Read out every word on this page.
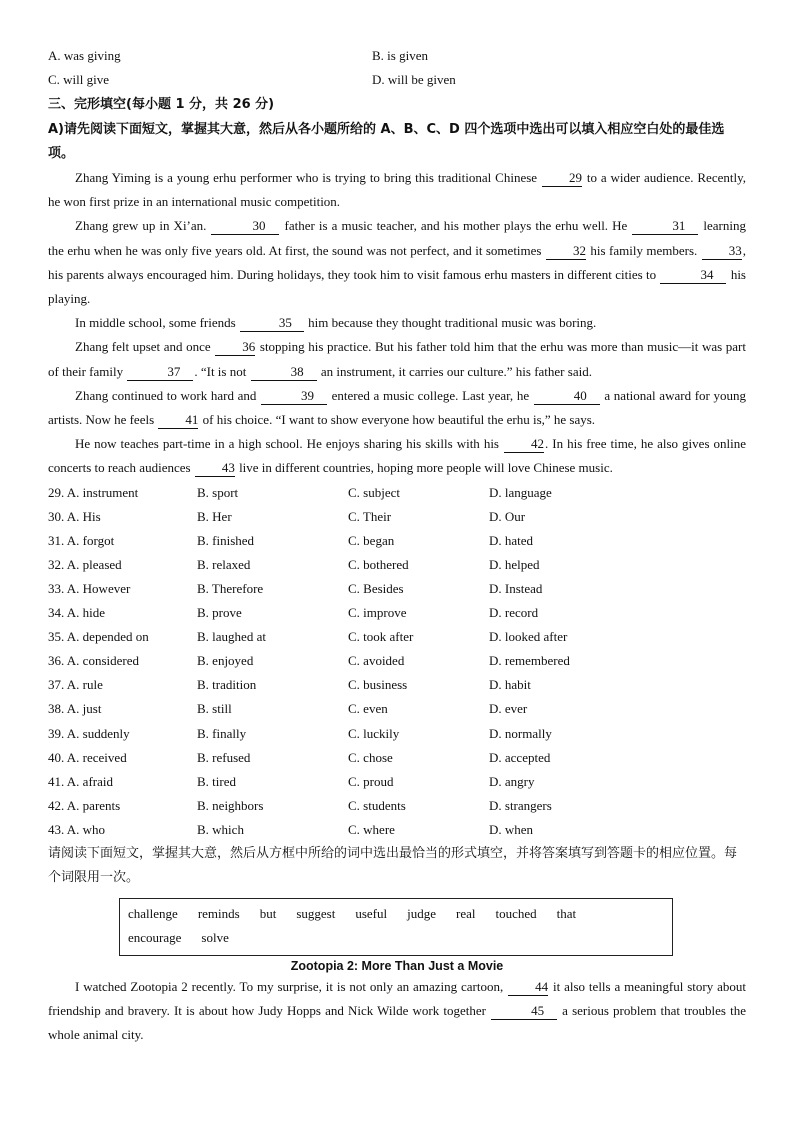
A. was giving	B. is given
C. will give	D. will be given
三、完形填空(每小题 1 分，共 26 分)
A)请先阅读下面短文，掌握其大意，然后从各小题所给的 A、B、C、D 四个选项中选出可以填入相应空白处的最佳选项。

Zhang Yiming is a young erhu performer who is trying to bring this traditional Chinese 29 to a wider audience. Recently, he won first prize in an international music competition.

Zhang grew up in Xi’an.	30 father is a music teacher, and his mother plays the erhu well. He	31 learning the erhu when he was only five years old. At first, the sound was not perfect, and it sometimes 32 his family members. 33, his parents always encouraged him. During holidays, they took him to visit famous erhu masters in different cities to	34 his playing.

In middle school, some friends	35 him because they thought traditional music was boring.

Zhang felt upset and once 36 stopping his practice. But his father told him that the erhu was more than music—it was part of their family	37 . “It is not	38 an instrument, it carries our culture.” his father said.

Zhang continued to work hard and	39 entered a music college. Last year, he	40 a national award for young artists. Now he feels 41 of his choice. “I want to show everyone how beautiful the erhu is,” he says.

He now teaches part-time in a high school. He enjoys sharing his skills with his 42. In his free time, he also gives online concerts to reach audiences 43 live in different countries, hoping more people will love Chinese music.

29. A. instrument	B. sport	C. subject	D. language
30. A. His	B. Her	C. Their	D. Our
31. A. forgot	B. finished	C. began	D. hated
32. A. pleased	B. relaxed	C. bothered	D. helped
33. A. However	B. Therefore	C. Besides	D. Instead
34. A. hide	B. prove	C. improve	D. record
35. A. depended on	B. laughed at	C. took after	D. looked after
36. A. considered	B. enjoyed	C. avoided	D. remembered
37. A. rule	B. tradition	C. business	D. habit
38. A. just	B. still	C. even	D. ever
39. A. suddenly	B. finally	C. luckily	D. normally
40. A. received	B. refused	C. chose	D. accepted
41. A. afraid	B. tired	C. proud	D. angry
42. A. parents	B. neighbors	C. students	D. strangers
43. A. who	B. which	C. where	D. when
请阅读下面短文，掌握其大意，然后从方框中所给的词中选出最恰当的形式填空，并将答案填写到答题卡的相应位置。每个词限用一次。
challenge reminds but suggest useful judge real touched thatencourage solve
Zootopia 2: More Than Just a Movie

I watched Zootopia 2 recently. To my surprise, it is not only an amazing cartoon, 44 it also tells a meaningful story about friendship and bravery. It is about how Judy Hopps and Nick Wilde work together	45 a serious problem that troubles the whole animal city.
